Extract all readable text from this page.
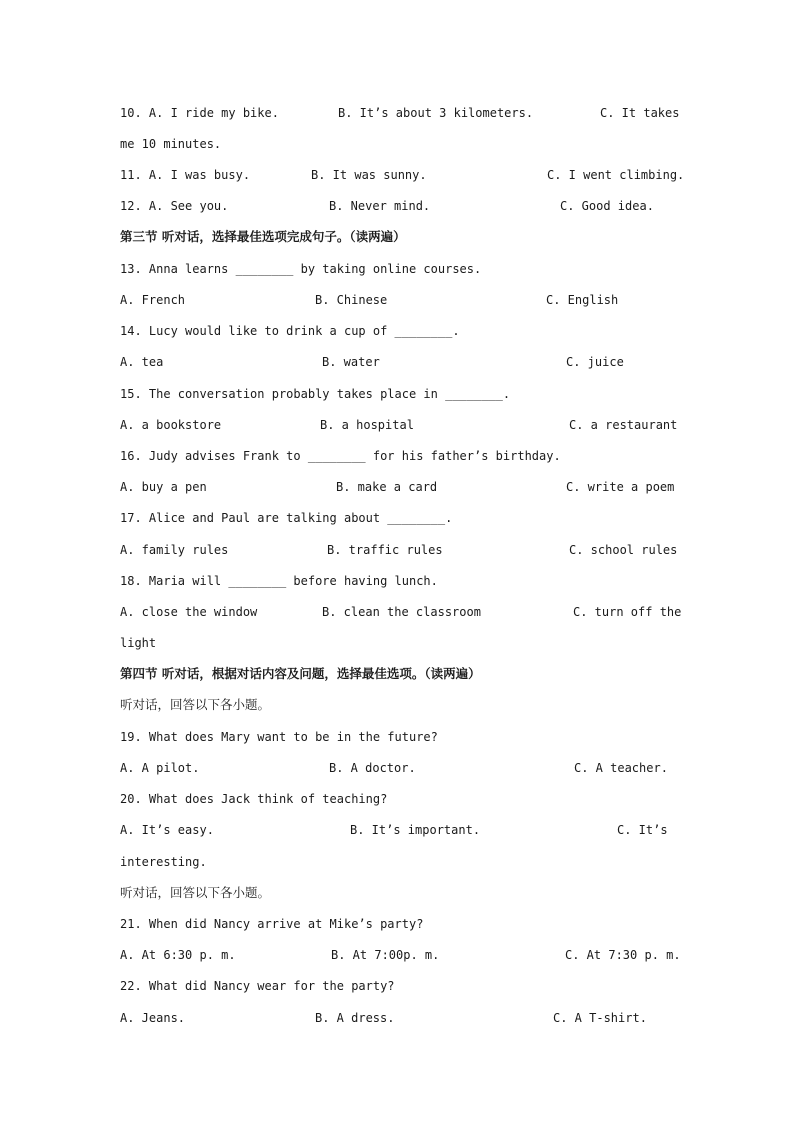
10. A. I ride my bike.	B. It’s about 3 kilometers.	C. It takes
me 10 minutes.
11. A. I was busy.	B. It was sunny.	C. I went climbing.
12. A. See you.	B. Never mind.	C. Good idea.
第三节 听对话，选择最佳选项完成句子。（读两遍）
13. Anna learns ________ by taking online courses.
A. French	B. Chinese	C. English
14. Lucy would like to drink a cup of ________.
A. tea	B. water	C. juice
15. The conversation probably takes place in ________.
A. a bookstore	B. a hospital	C. a restaurant
16. Judy advises Frank to ________ for his father’s birthday.
A. buy a pen	B. make a card	C. write a poem
17. Alice and Paul are talking about ________.
A. family rules	B. traffic rules	C. school rules
18. Maria will ________ before having lunch.
A. close the window	B. clean the classroom	C. turn off the
light
第四节 听对话，根据对话内容及问题，选择最佳选项。（读两遍）
听对话，回答以下各小题。
19. What does Mary want to be in the future?
A. A pilot.	B. A doctor.	C. A teacher.
20. What does Jack think of teaching?
A. It’s easy.	B. It’s important.	C. It’s
interesting.
听对话，回答以下各小题。
21. When did Nancy arrive at Mike’s party?
A. At 6:30 p. m.	B. At 7:00p. m.	C. At 7:30 p. m.
22. What did Nancy wear for the party?
A. Jeans.	B. A dress.	C. A T-shirt.
